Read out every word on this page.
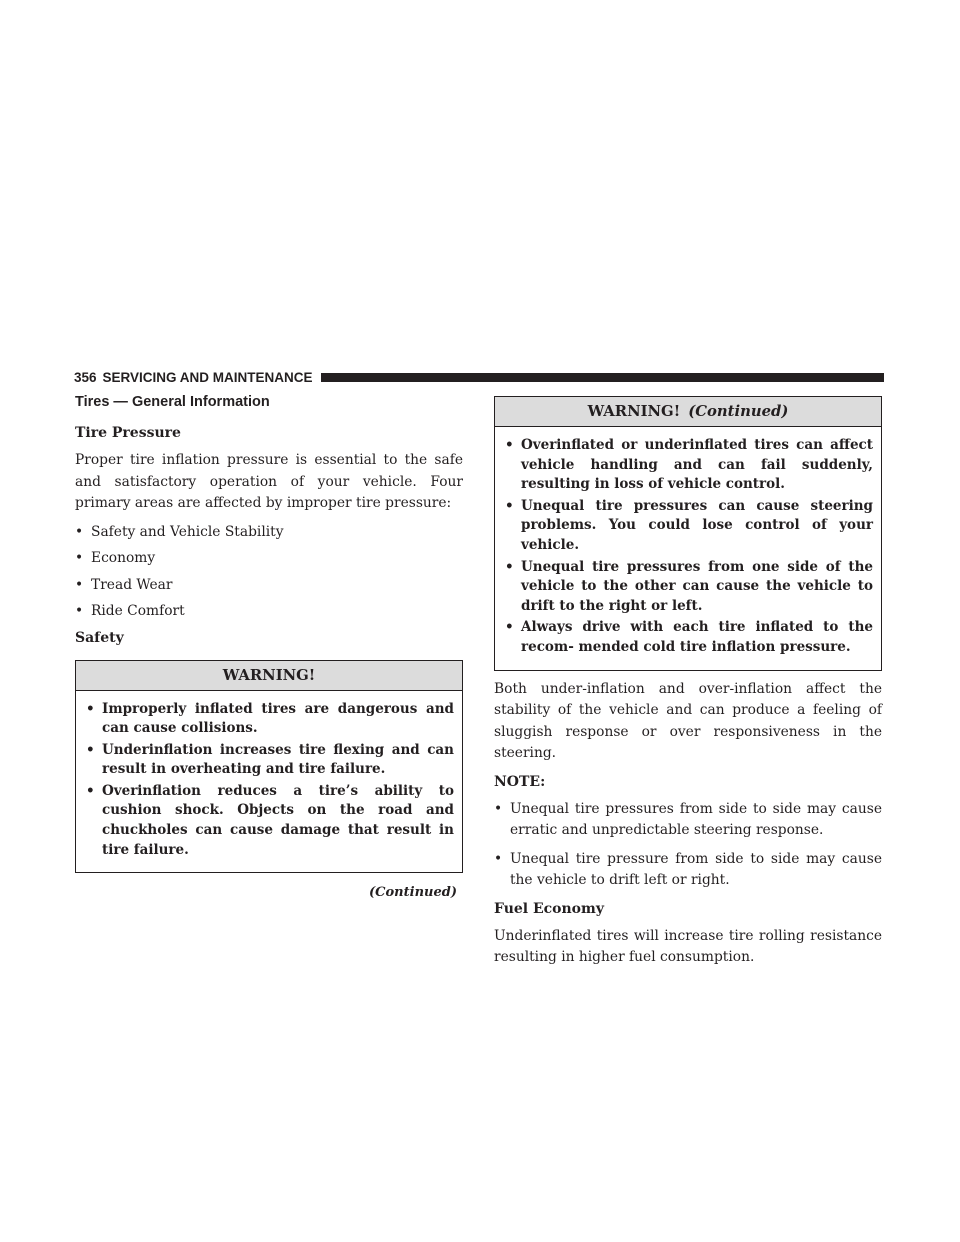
356 SERVICING AND MAINTENANCE
Tires — General Information
Tire Pressure

Proper tire inflation pressure is essential to the safe and satisfactory operation of your vehicle. Four primary areas are affected by improper tire pressure:

• Safety and Vehicle Stability
• Economy
• Tread Wear
• Ride Comfort
Safety
WARNING!
• Improperly inflated tires are dangerous and can cause collisions.
• Underinflation increases tire flexing and can result in overheating and tire failure.
• Overinflation reduces a tire’s ability to cushion shock. Objects on the road and chuckholes can cause damage that result in tire failure.
(Continued)
WARNING! (Continued)
• Overinflated or underinflated tires can affect vehicle handling and can fail suddenly, resulting in loss of vehicle control.
• Unequal tire pressures can cause steering problems. You could lose control of your vehicle.
• Unequal tire pressures from one side of the vehicle to the other can cause the vehicle to drift to the right or left.
• Always drive with each tire inflated to the recom- mended cold tire inflation pressure.

Both under-inflation and over-inflation affect the stability of the vehicle and can produce a feeling of sluggish response or over responsiveness in the steering.

NOTE:
• Unequal tire pressures from side to side may cause erratic and unpredictable steering response.
• Unequal tire pressure from side to side may cause the vehicle to drift left or right.
Fuel Economy

Underinflated tires will increase tire rolling resistance resulting in higher fuel consumption.
